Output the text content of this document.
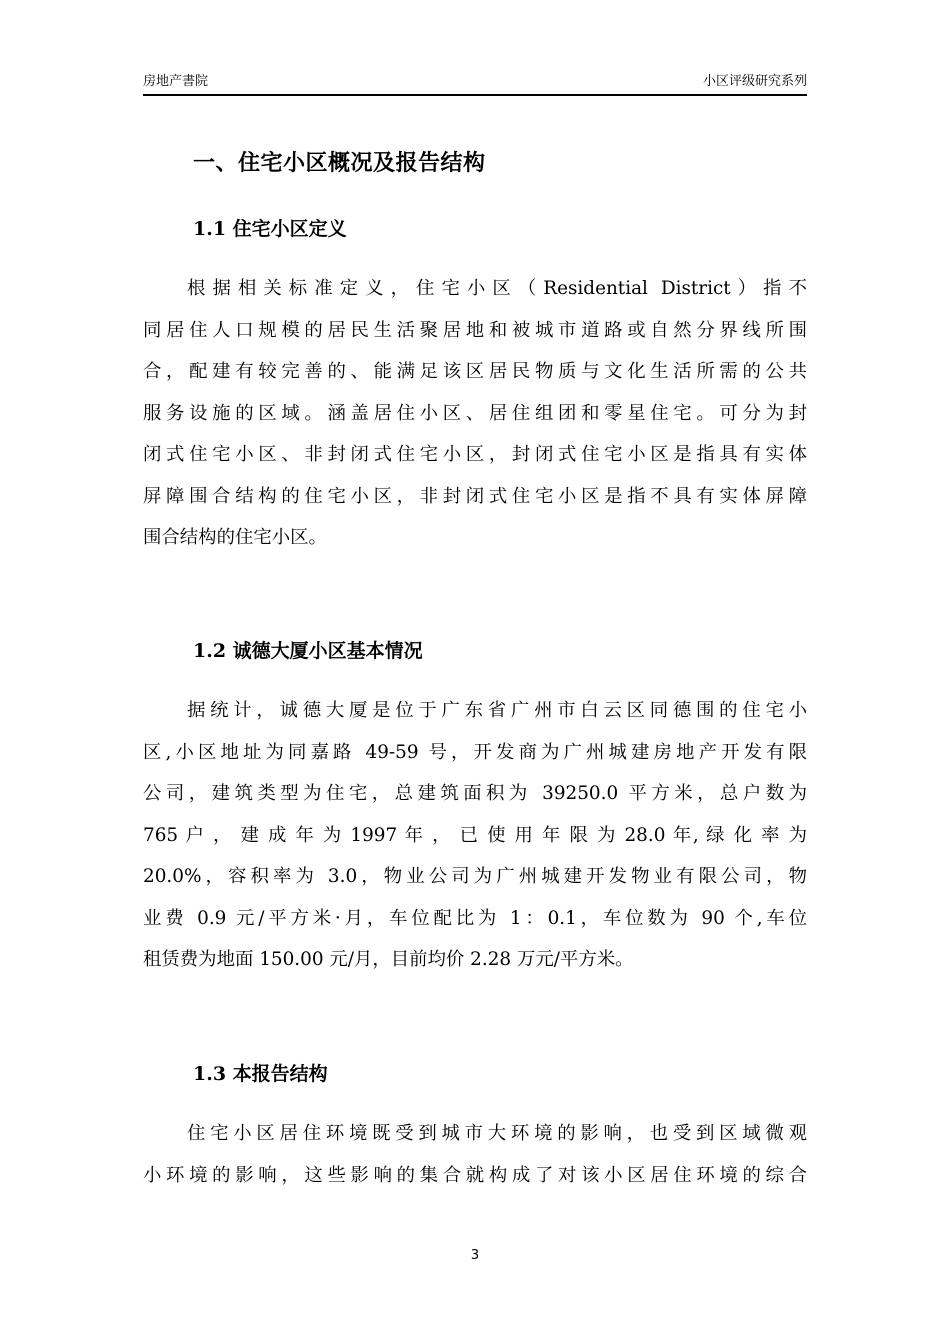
房地产書院	小区评级研究系列
一、住宅小区概况及报告结构
1.1 住宅小区定义
根据相关标准定义，住宅小区（Residential District）指不
同居住人口规模的居民生活聚居地和被城市道路或自然分界线所围
合，配建有较完善的、能满足该区居民物质与文化生活所需的公共
服务设施的区域。涵盖居住小区、居住组团和零星住宅。可分为封
闭式住宅小区、非封闭式住宅小区，封闭式住宅小区是指具有实体
屏障围合结构的住宅小区，非封闭式住宅小区是指不具有实体屏障
围合结构的住宅小区。
1.2 诚德大厦小区基本情况
据统计，诚德大厦是位于广东省广州市白云区同德围的住宅小
区,小区地址为同嘉路 49-59 号，开发商为广州城建房地产开发有限
公司，建筑类型为住宅，总建筑面积为 39250.0 平方米，总户数为
765 户 ， 建 成 年 为 1997 年 ， 已 使 用 年 限 为 28.0 年, 绿 化 率 为
20.0%，容积率为 3.0，物业公司为广州城建开发物业有限公司，物
业费 0.9 元/平方米·月，车位配比为 1：0.1，车位数为 90 个,车位
租赁费为地面 150.00 元/月，目前均价 2.28 万元/平方米。
1.3 本报告结构
住宅小区居住环境既受到城市大环境的影响，也受到区域微观
小环境的影响，这些影响的集合就构成了对该小区居住环境的综合
3
